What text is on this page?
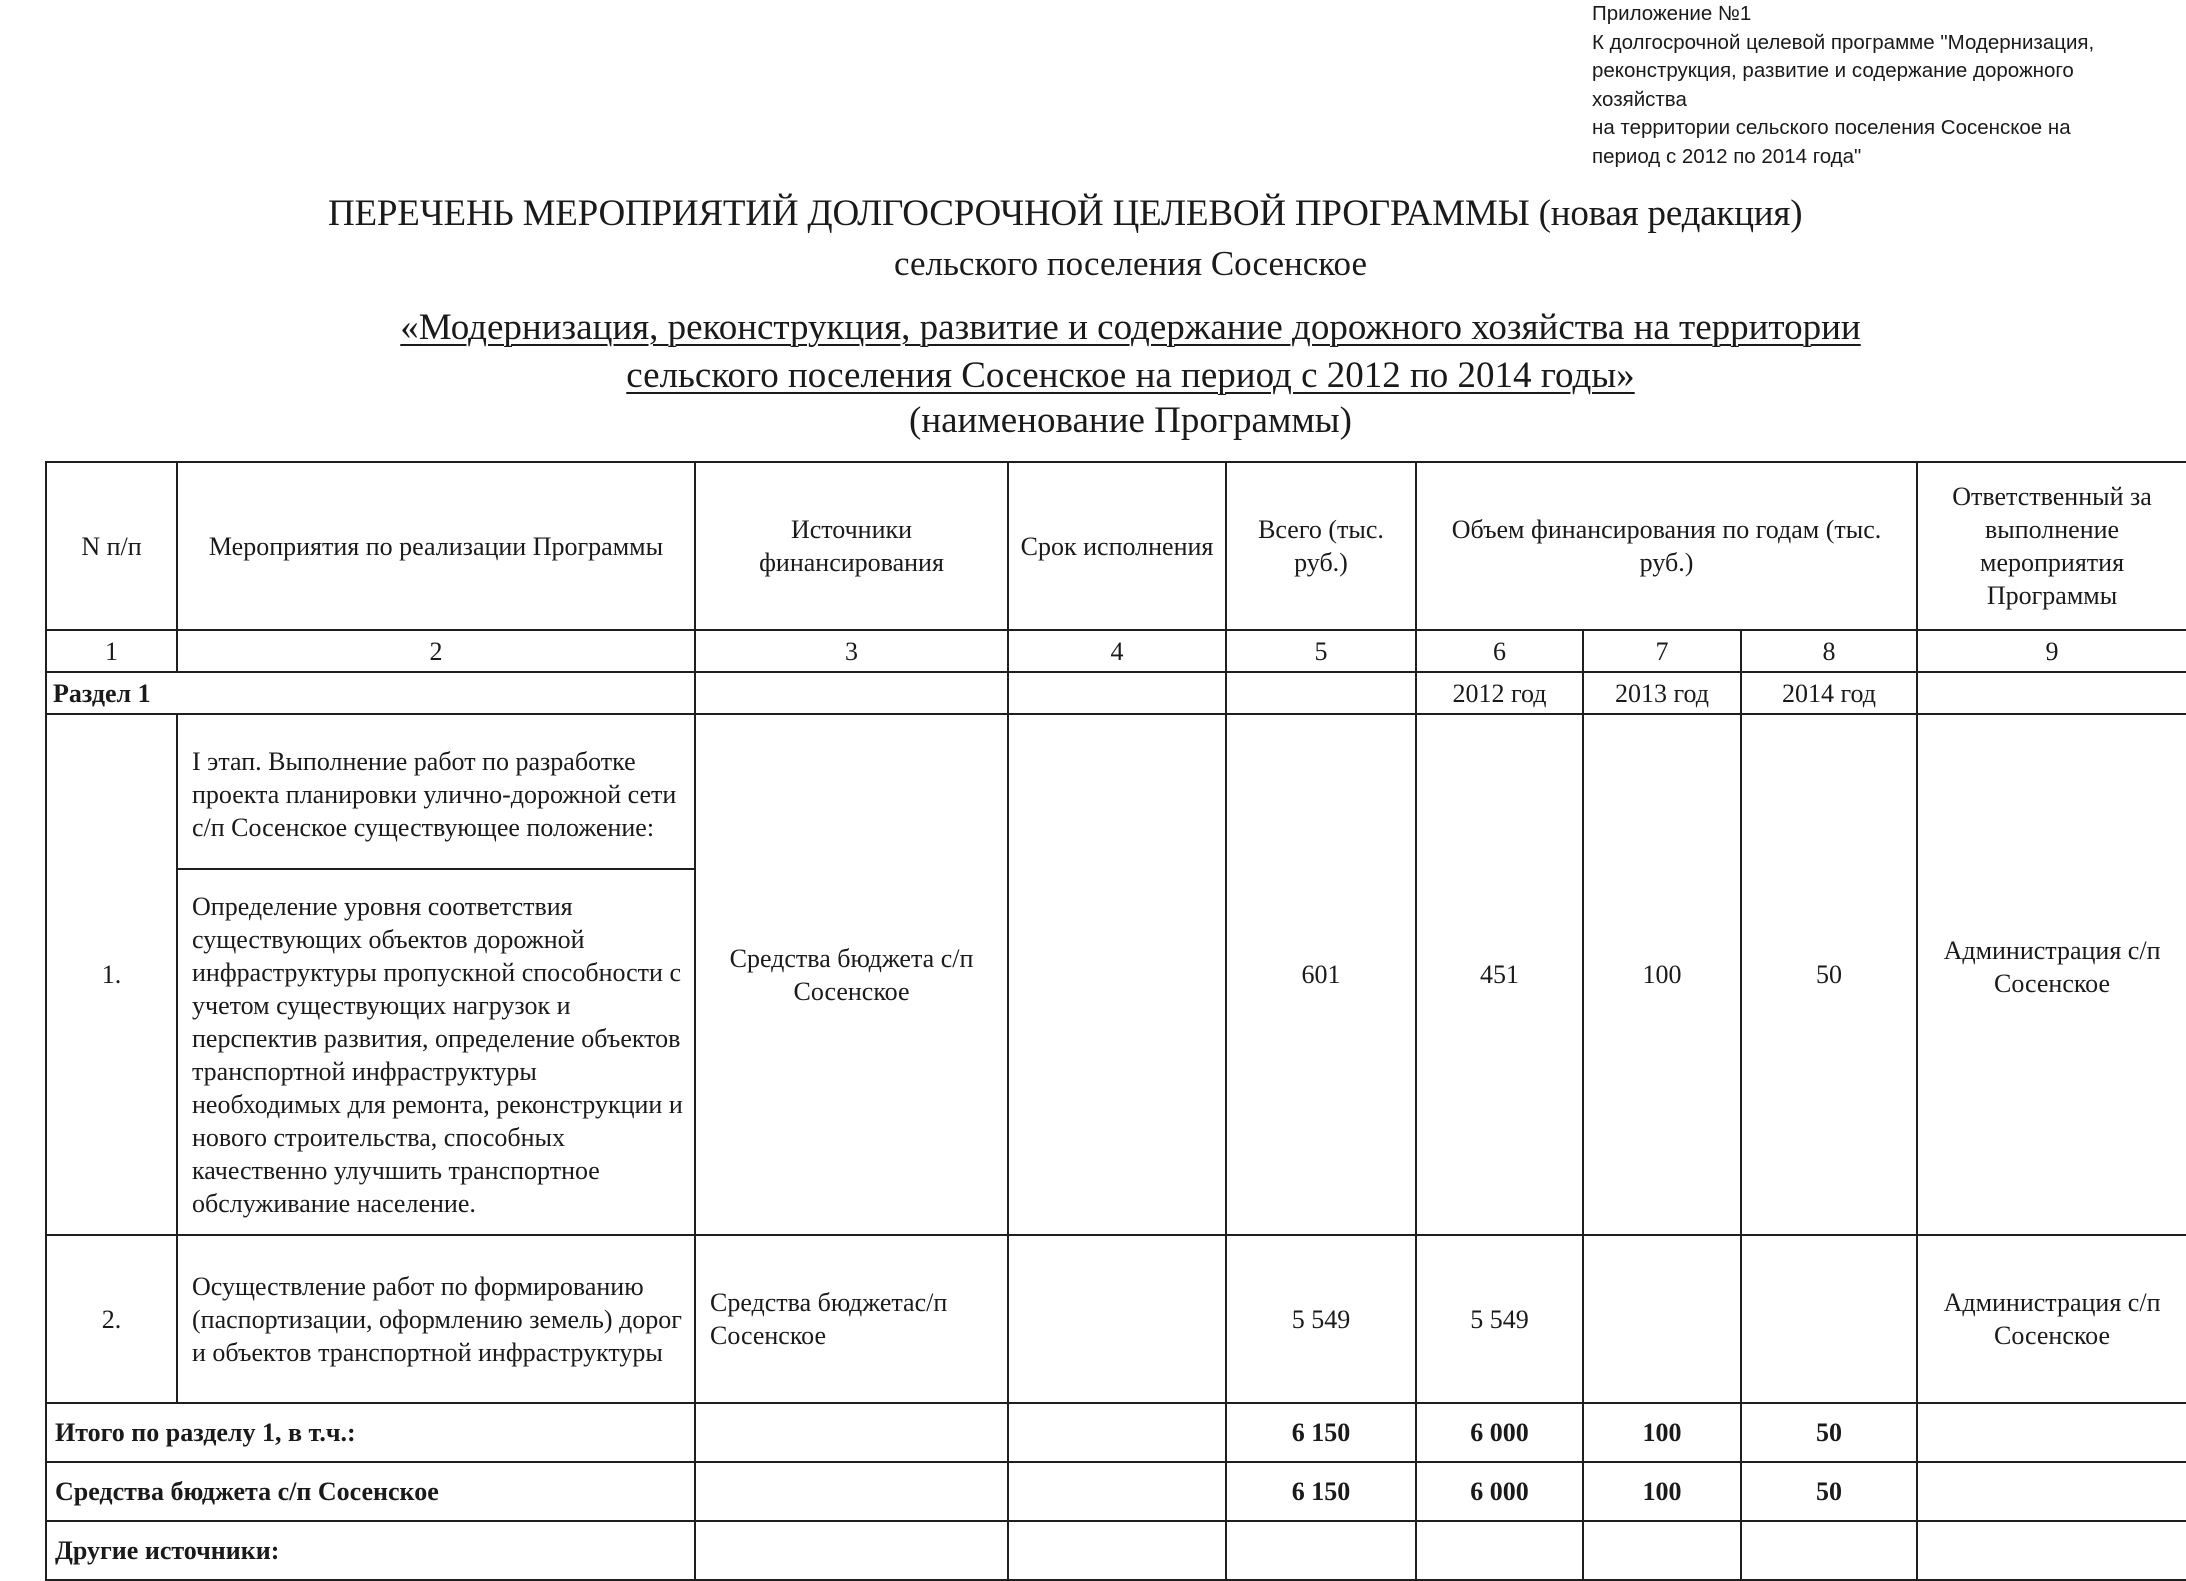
Приложение №1
К долгосрочной целевой программе "Модернизация,
реконструкция, развитие и содержание дорожного
хозяйства
на территории сельского поселения Сосенское на
период с 2012 по 2014 года"
ПЕРЕЧЕНЬ МЕРОПРИЯТИЙ ДОЛГОСРОЧНОЙ ЦЕЛЕВОЙ ПРОГРАММЫ (новая редакция)
сельского поселения Сосенское
«Модернизация, реконструкция, развитие и содержание дорожного хозяйства на территории
сельского поселения Сосенское на период с 2012 по 2014 годы»
(наименование Программы)
N п/п	Мероприятия по реализации Программы	Источники финансирования	Срок исполнения	Всего (тыс. руб.)	Объем финансирования по годам (тыс. руб.)			Ответственный за выполнение мероприятия Программы
1	2	3	4	5	6	7	8	9
Раздел 1					2012 год	2013 год	2014 год	
1.	I этап. Выполнение работ по разработке проекта планировки улично-дорожной сети с/п Сосенское существующее положение:	Средства бюджета с/п Сосенское		601	451	100	50	Администрация с/п Сосенское
	Определение уровня соответствия существующих объектов дорожной инфраструктуры пропускной способности с учетом существующих нагрузок и перспектив развития, определение объектов транспортной инфраструктуры необходимых для ремонта, реконструкции и нового строительства, способных качественно улучшить транспортное обслуживание население.							
2.	Осуществление работ по формированию (паспортизации, оформлению земель) дорог и объектов транспортной инфраструктуры	Средства бюджетас/п Сосенское		5 549	5 549			Администрация с/п Сосенское
Итого по разделу 1, в т.ч.:				6 150	6 000	100	50	
Средства бюджета с/п Сосенское				6 150	6 000	100	50	
Другие источники:								
